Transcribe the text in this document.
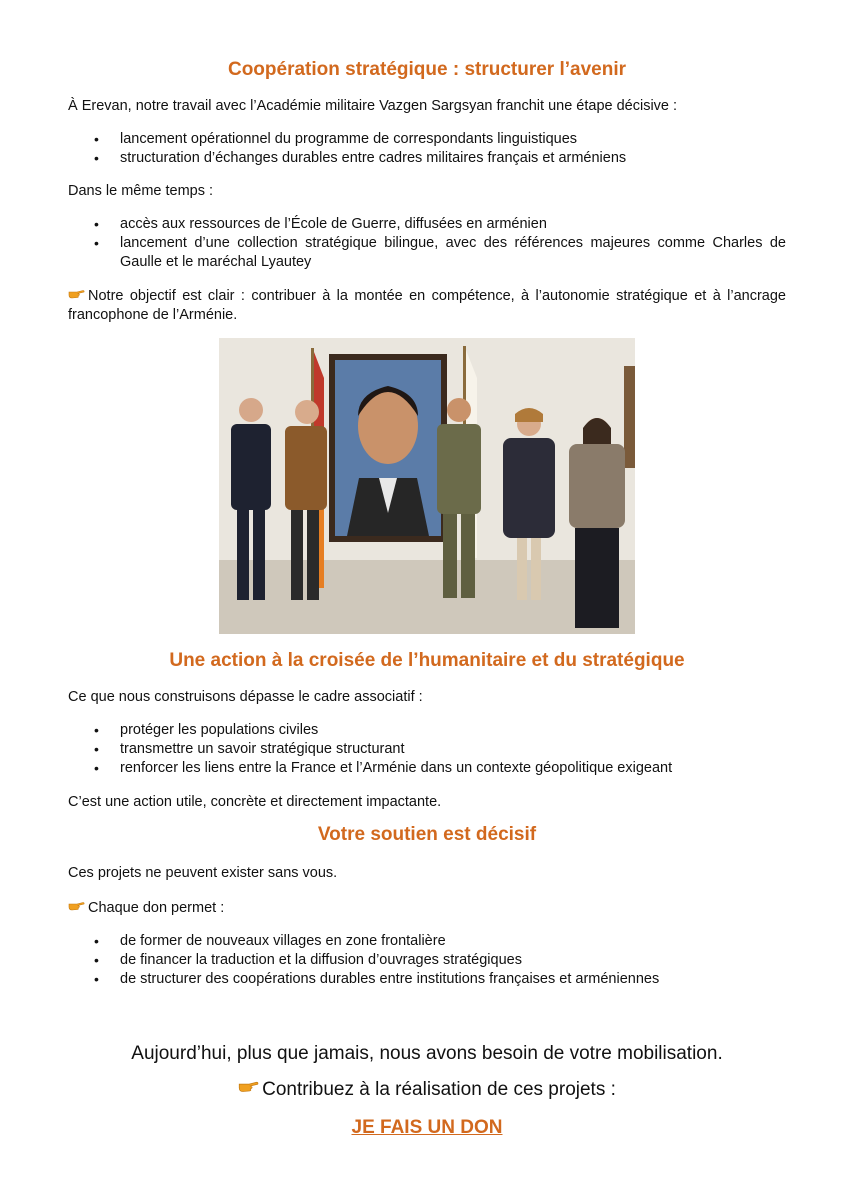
Coopération stratégique : structurer l’avenir

À Erevan, notre travail avec l’Académie militaire Vazgen Sargsyan franchit une étape décisive :

• lancement opérationnel du programme de correspondants linguistiques
• structuration d’échanges durables entre cadres militaires français et arméniens

Dans le même temps :

• accès aux ressources de l’École de Guerre, diffusées en arménien
• lancement d’une collection stratégique bilingue, avec des références majeures comme Charles de Gaulle et le maréchal Lyautey

Notre objectif est clair : contribuer à la montée en compétence, à l’autonomie stratégique et à l’ancrage francophone de l’Arménie.

Une action à la croisée de l’humanitaire et du stratégique

Ce que nous construisons dépasse le cadre associatif :

• protéger les populations civiles
• transmettre un savoir stratégique structurant
• renforcer les liens entre la France et l’Arménie dans un contexte géopolitique exigeant

C’est une action utile, concrète et directement impactante.

Votre soutien est décisif

Ces projets ne peuvent exister sans vous.

Chaque don permet :

• de former de nouveaux villages en zone frontalière
• de financer la traduction et la diffusion d’ouvrages stratégiques
• de structurer des coopérations durables entre institutions françaises et arméniennes

Aujourd’hui, plus que jamais, nous avons besoin de votre mobilisation.

Contribuez à la réalisation de ces projets :

JE FAIS UN DON
